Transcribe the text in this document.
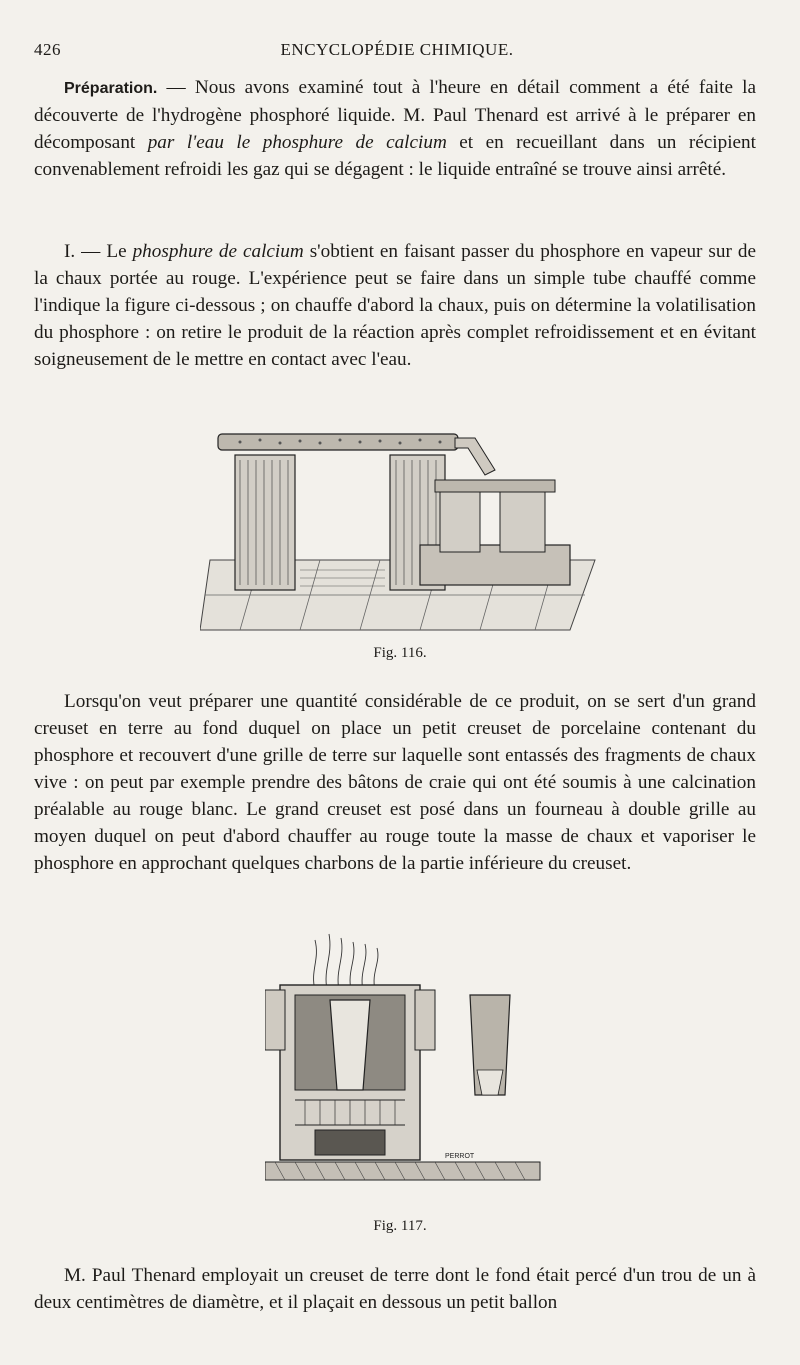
426	ENCYCLOPÉDIE CHIMIQUE.
Préparation. — Nous avons examiné tout à l'heure en détail comment a été faite la découverte de l'hydrogène phosphoré liquide. M. Paul Thenard est arrivé à le préparer en décomposant par l'eau le phosphure de calcium et en recueillant dans un récipient convenablement refroidi les gaz qui se dégagent : le liquide entraîné se trouve ainsi arrêté.
I. — Le phosphure de calcium s'obtient en faisant passer du phosphore en vapeur sur de la chaux portée au rouge. L'expérience peut se faire dans un simple tube chauffé comme l'indique la figure ci-dessous ; on chauffe d'abord la chaux, puis on détermine la volatilisation du phosphore : on retire le produit de la réaction après complet refroidissement et en évitant soigneusement de le mettre en contact avec l'eau.
Fig. 116.
Lorsqu'on veut préparer une quantité considérable de ce produit, on se sert d'un grand creuset en terre au fond duquel on place un petit creuset de porcelaine contenant du phosphore et recouvert d'une grille de terre sur laquelle sont entassés des fragments de chaux vive : on peut par exemple prendre des bâtons de craie qui ont été soumis à une calcination préalable au rouge blanc. Le grand creuset est posé dans un fourneau à double grille au moyen duquel on peut d'abord chauffer au rouge toute la masse de chaux et vaporiser le phosphore en approchant quelques charbons de la partie inférieure du creuset.
PERROT
Fig. 117.
M. Paul Thenard employait un creuset de terre dont le fond était percé d'un trou de un à deux centimètres de diamètre, et il plaçait en dessous un petit ballon
